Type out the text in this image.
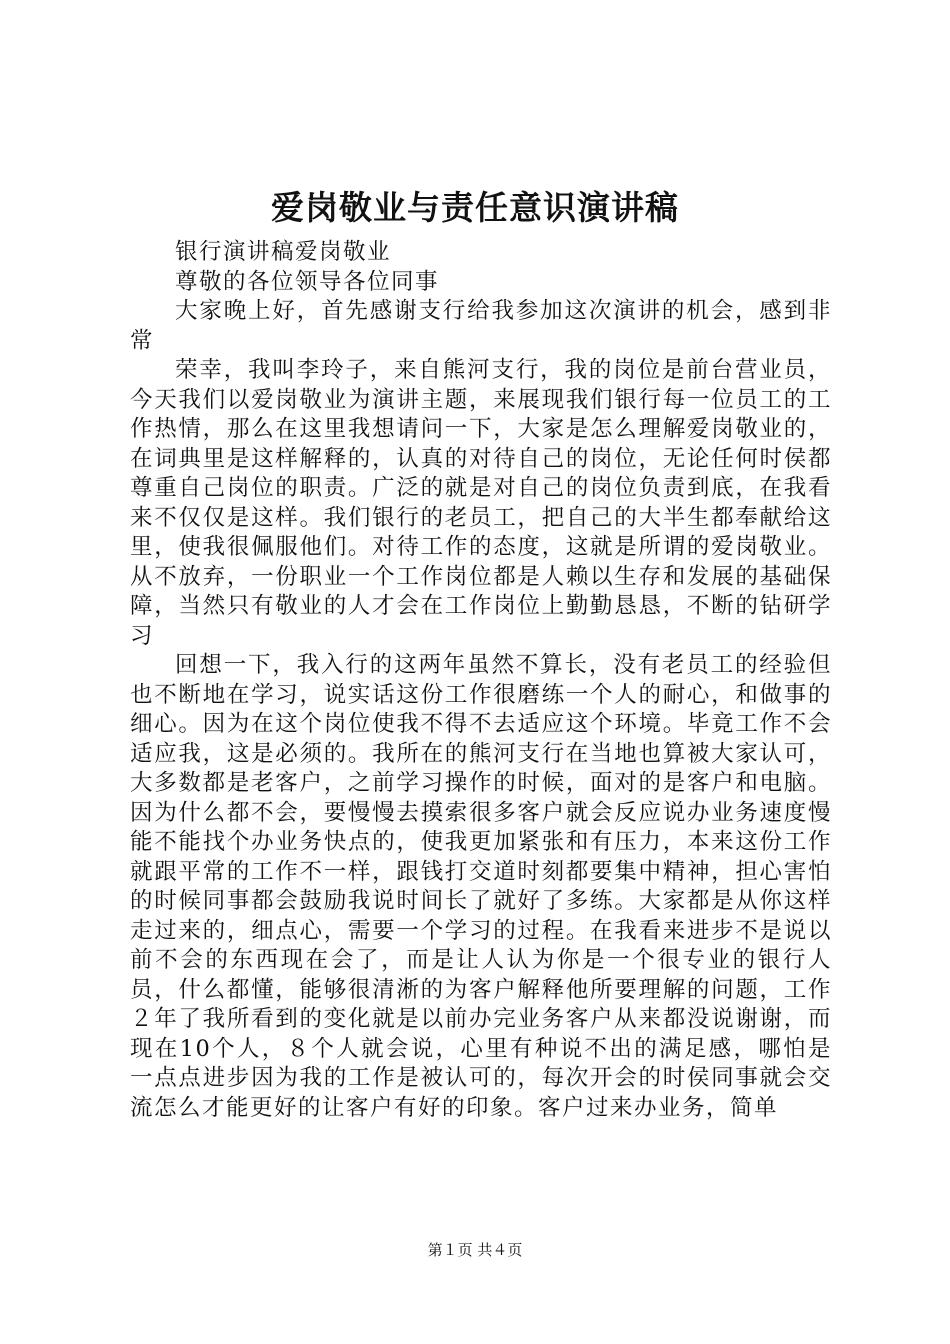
爱岗敬业与责任意识演讲稿

银行演讲稿爱岗敬业

尊敬的各位领导各位同事

大家晚上好，首先感谢支行给我参加这次演讲的机会，感到非常

荣幸，我叫李玲子，来自熊河支行，我的岗位是前台营业员，今天我们以爱岗敬业为演讲主题，来展现我们银行每一位员工的工作热情，那么在这里我想请问一下，大家是怎么理解爱岗敬业的，在词典里是这样解释的，认真的对待自己的岗位，无论任何时侯都尊重自己岗位的职责。广泛的就是对自己的岗位负责到底，在我看来不仅仅是这样。我们银行的老员工，把自己的大半生都奉献给这里，使我很佩服他们。对待工作的态度，这就是所谓的爱岗敬业。从不放弃，一份职业一个工作岗位都是人赖以生存和发展的基础保障，当然只有敬业的人才会在工作岗位上勤勤恳恳，不断的钻研学习

回想一下，我入行的这两年虽然不算长，没有老员工的经验但也不断地在学习，说实话这份工作很磨练一个人的耐心，和做事的细心。因为在这个岗位使我不得不去适应这个环境。毕竟工作不会适应我，这是必须的。我所在的熊河支行在当地也算被大家认可，大多数都是老客户，之前学习操作的时候，面对的是客户和电脑。因为什么都不会，要慢慢去摸索很多客户就会反应说办业务速度慢能不能找个办业务快点的，使我更加紧张和有压力，本来这份工作就跟平常的工作不一样，跟钱打交道时刻都要集中精神，担心害怕的时候同事都会鼓励我说时间长了就好了多练。大家都是从你这样走过来的，细点心，需要一个学习的过程。在我看来进步不是说以前不会的东西现在会了，而是让人认为你是一个很专业的银行人员，什么都懂，能够很清淅的为客户解释他所要理解的问题，工作２年了我所看到的变化就是以前办完业务客户从来都没说谢谢，而现在10个人，８个人就会说，心里有种说不出的满足感，哪怕是一点点进步因为我的工作是被认可的，每次开会的时侯同事就会交流怎么才能更好的让客户有好的印象。客户过来办业务，简单

第１页 共４页
